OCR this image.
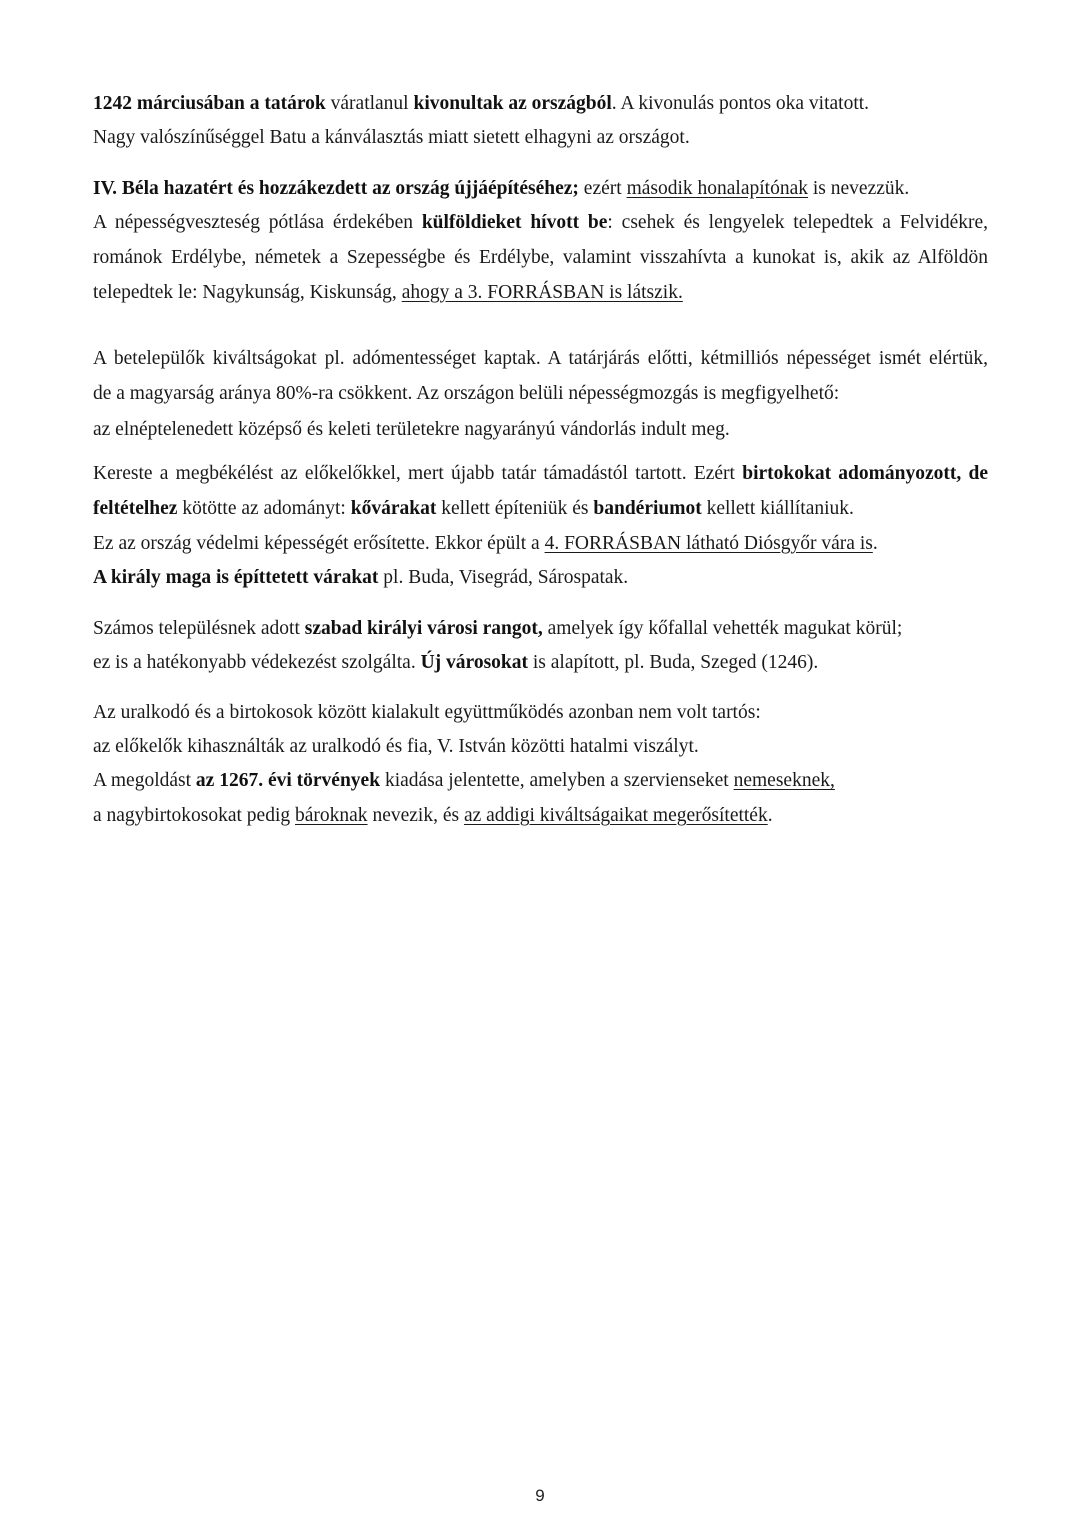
1242 márciusában a tatárok váratlanul kivonultak az országból. A kivonulás pontos oka vitatott.
Nagy valószínűséggel Batu a kánválasztás miatt sietett elhagyni az országot.
IV. Béla hazatért és hozzákezdett az ország újjáépítéséhez; ezért második honalapítónak is nevezzük.
A népességveszteség pótlása érdekében külföldieket hívott be: csehek és lengyelek telepedtek a Felvidékre,
románok Erdélybe, németek a Szepességbe és Erdélybe, valamint visszahívta a kunokat is, akik az Alföldön
telepedtek le: Nagykunság, Kiskunság, ahogy a 3. FORRÁSBAN is látszik.
A betelepülők kiváltságokat pl. adómentességet kaptak. A tatárjárás előtti, kétmilliós népességet ismét elértük,
de a magyarság aránya 80%-ra csökkent. Az országon belüli népességmozgás is megfigyelhető:
az elnéptelenedett középső és keleti területekre nagyarányú vándorlás indult meg.
Kereste a megbékélést az előkelőkkel, mert újabb tatár támadástól tartott. Ezért birtokokat adományozott, de
feltételhez kötötte az adományt: kővárakat kellett építeniük és bandériumot kellett kiállítaniuk.
Ez az ország védelmi képességét erősítette. Ekkor épült a 4. FORRÁSBAN látható Diósgyőr vára is.
A király maga is építtetett várakat pl. Buda, Visegrád, Sárospatak.
Számos településnek adott szabad királyi városi rangot, amelyek így kőfallal vehették magukat körül;
ez is a hatékonyabb védekezést szolgálta. Új városokat is alapított, pl. Buda, Szeged (1246).
Az uralkodó és a birtokosok között kialakult együttműködés azonban nem volt tartós:
az előkelők kihasználták az uralkodó és fia, V. István közötti hatalmi viszályt.
A megoldást az 1267. évi törvények kiadása jelentette, amelyben a szervienseket nemeseknek,
a nagybirtokosokat pedig bároknak nevezik, és az addigi kiváltságaikat megerősítették.
9
